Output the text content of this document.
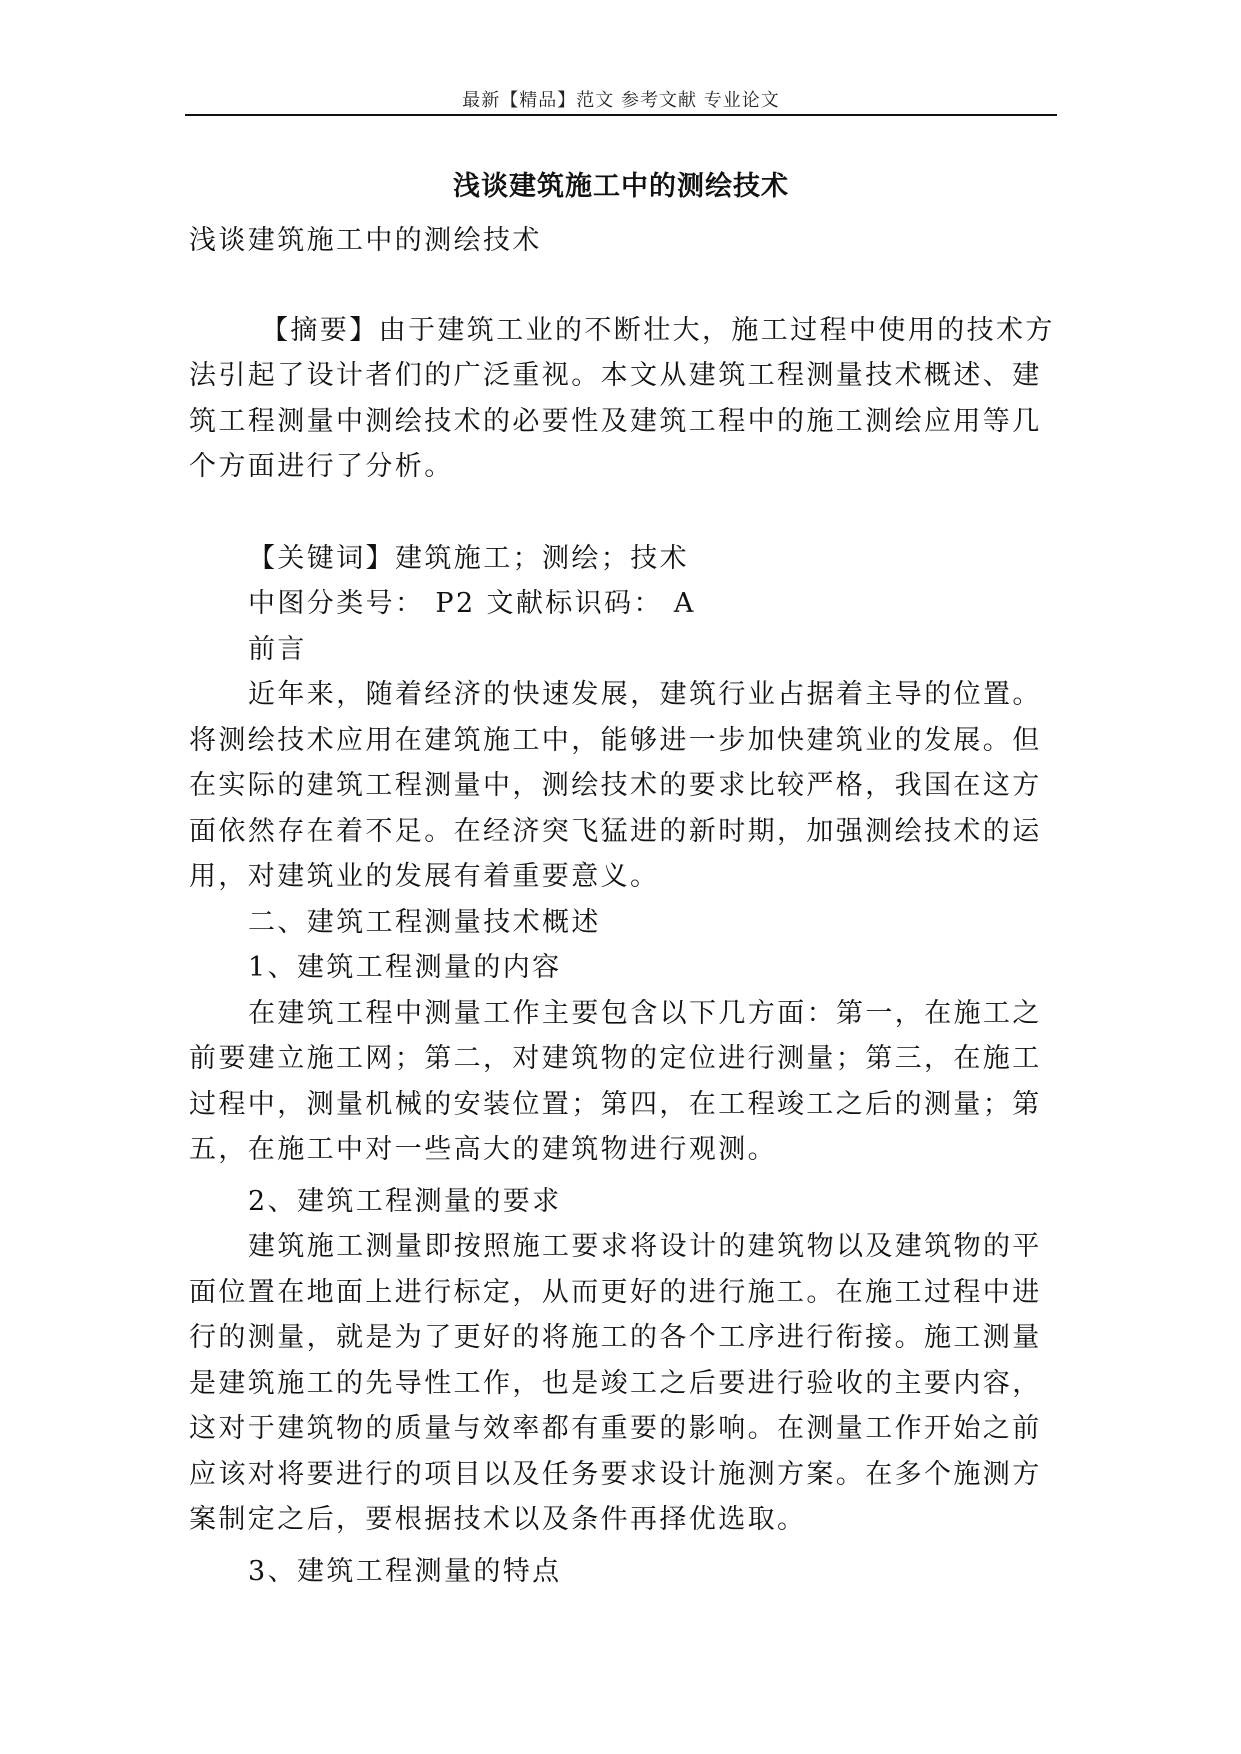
最新【精品】范文 参考文献 专业论文
浅谈建筑施工中的测绘技术

浅谈建筑施工中的测绘技术

【摘要】由于建筑工业的不断壮大，施工过程中使用的技术方法引起了设计者们的广泛重视。本文从建筑工程测量技术概述、建筑工程测量中测绘技术的必要性及建筑工程中的施工测绘应用等几个方面进行了分析。

【关键词】建筑施工；测绘；技术

中图分类号： P2 文献标识码： A

前言

近年来，随着经济的快速发展，建筑行业占据着主导的位置。将测绘技术应用在建筑施工中，能够进一步加快建筑业的发展。但在实际的建筑工程测量中，测绘技术的要求比较严格，我国在这方面依然存在着不足。在经济突飞猛进的新时期，加强测绘技术的运用，对建筑业的发展有着重要意义。

二、建筑工程测量技术概述

1、建筑工程测量的内容

在建筑工程中测量工作主要包含以下几方面：第一，在施工之前要建立施工网；第二，对建筑物的定位进行测量；第三，在施工过程中，测量机械的安装位置；第四，在工程竣工之后的测量；第五，在施工中对一些高大的建筑物进行观测。

2、建筑工程测量的要求

建筑施工测量即按照施工要求将设计的建筑物以及建筑物的平面位置在地面上进行标定，从而更好的进行施工。在施工过程中进行的测量，就是为了更好的将施工的各个工序进行衔接。施工测量是建筑施工的先导性工作，也是竣工之后要进行验收的主要内容，这对于建筑物的质量与效率都有重要的影响。在测量工作开始之前应该对将要进行的项目以及任务要求设计施测方案。在多个施测方案制定之后，要根据技术以及条件再择优选取。

3、建筑工程测量的特点
